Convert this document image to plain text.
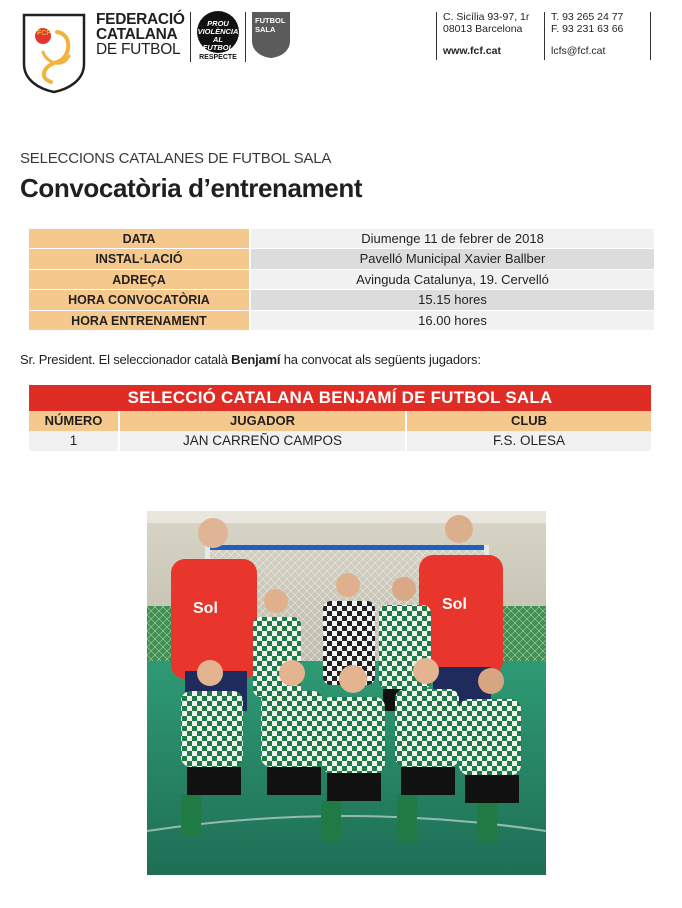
FCF
FEDERACIÓ
CATALANA
DE FUTBOL
PROU
VIOLÈNCIA
AL FUTBOL
RESPECTE
FUTBOL
SALA
C. Sicília 93-97, 1r
08013 Barcelona
www.fcf.cat
T. 93 265 24 77
F. 93 231 63 66
lcfs@fcf.cat
SELECCIONS CATALANES DE FUTBOL SALA
Convocatòria d’entrenament
DATA	Diumenge 11 de febrer de 2018
INSTAL·LACIÓ	Pavelló Municipal Xavier Ballber
ADREÇA	Avinguda Catalunya, 19. Cervelló
HORA CONVOCATÒRIA	15.15 hores
HORA ENTRENAMENT	16.00 hores
Sr. President. El seleccionador català Benjamí ha convocat als següents jugadors:
SELECCIÓ CATALANA BENJAMÍ DE FUTBOL SALA
NÚMERO	JUGADOR	CLUB
1	JAN CARREÑO CAMPOS	F.S. OLESA
Sol	Sol
